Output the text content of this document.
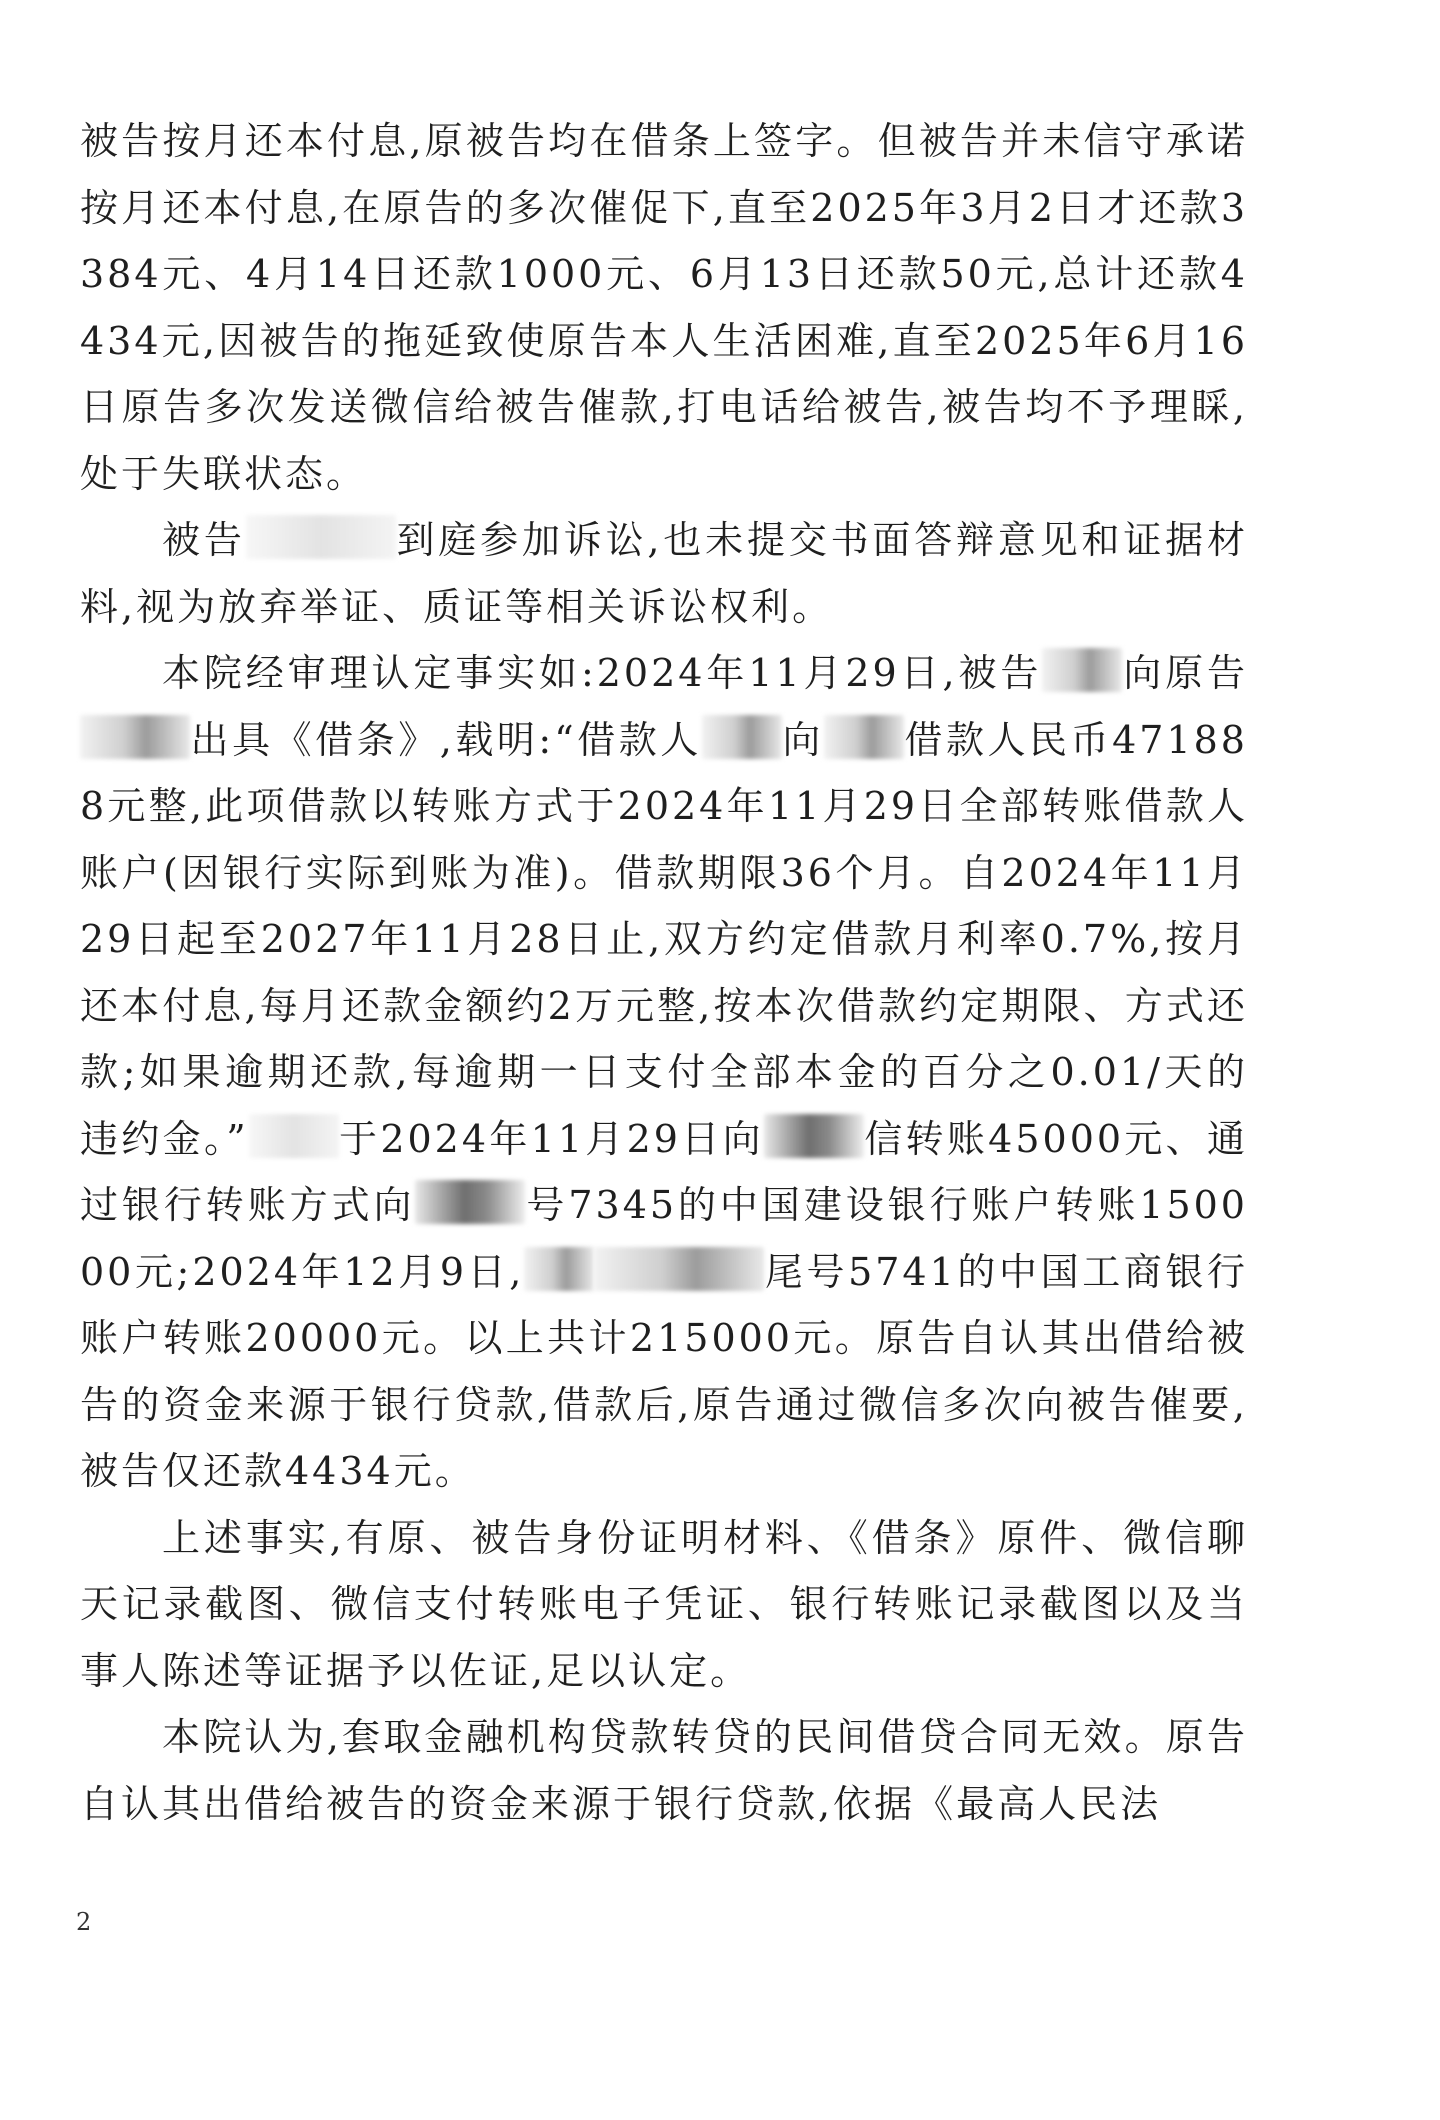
被告按月还本付息,原被告均在借条上签字。但被告并未信守承诺按月还本付息,在原告的多次催促下,直至2025年3月2日才还款3384元、4月14日还款1000元、6月13日还款50元,总计还款4434元,因被告的拖延致使原告本人生活困难,直至2025年6月16日原告多次发送微信给被告催款,打电话给被告,被告均不予理睬,处于失联状态。

被告	到庭参加诉讼,也未提交书面答辩意见和证据材料,视为放弃举证、质证等相关诉讼权利。

本院经审理认定事实如:2024年11月29日,被告 向原告出具《借条》,载明:“借款人 向 借款人民币471888元整,此项借款以转账方式于2024年11月29日全部转账借款人账户(因银行实际到账为准)。借款期限36个月。自2024年11月29日起至2027年11月28日止,双方约定借款月利率0.7%,按月还本付息,每月还款金额约2万元整,按本次借款约定期限、方式还款;如果逾期还款,每逾期一日支付全部本金的百分之0.01/天的违约金。” 于2024年11月29日向	信转账45000元、通过银行转账方式向	号7345的中国建设银行账户转账150000元;2024年12月9日,	尾号5741的中国工商银行账户转账20000元。以上共计215000元。原告自认其出借给被告的资金来源于银行贷款,借款后,原告通过微信多次向被告催要,被告仅还款4434元。

上述事实,有原、被告身份证明材料、《借条》原件、微信聊天记录截图、微信支付转账电子凭证、银行转账记录截图以及当事人陈述等证据予以佐证,足以认定。

本院认为,套取金融机构贷款转贷的民间借贷合同无效。原告自认其出借给被告的资金来源于银行贷款,依据《最高人民法

2
